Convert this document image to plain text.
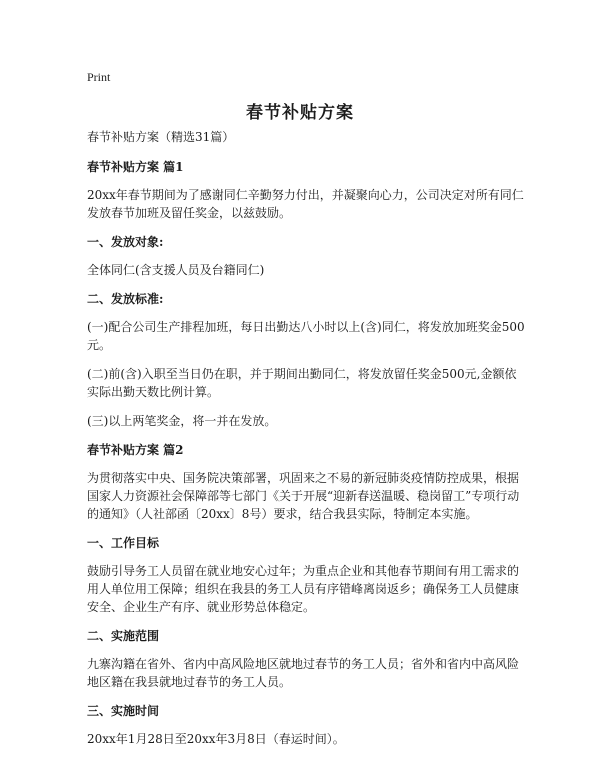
Print
春节补贴方案

春节补贴方案（精选31篇）

春节补贴方案 篇1

20xx年春节期间为了感谢同仁辛勤努力付出，并凝聚向心力，公司决定对所有同仁发放春节加班及留任奖金，以兹鼓励。

一、发放对象:

全体同仁(含支援人员及台籍同仁)

二、发放标准:

(一)配合公司生产排程加班，每日出勤达八小时以上(含)同仁，将发放加班奖金500元。

(二)前(含)入职至当日仍在职，并于期间出勤同仁，将发放留任奖金500元,金额依实际出勤天数比例计算。

(三)以上两笔奖金，将一并在发放。

春节补贴方案 篇2

为贯彻落实中央、国务院决策部署，巩固来之不易的新冠肺炎疫情防控成果，根据国家人力资源社会保障部等七部门《关于开展“迎新春送温暖、稳岗留工”专项行动的通知》（人社部函〔20xx〕8号）要求，结合我县实际，特制定本实施。

一、工作目标

鼓励引导务工人员留在就业地安心过年；为重点企业和其他春节期间有用工需求的用人单位用工保障；组织在我县的务工人员有序错峰离岗返乡；确保务工人员健康安全、企业生产有序、就业形势总体稳定。

二、实施范围

九寨沟籍在省外、省内中高风险地区就地过春节的务工人员；省外和省内中高风险地区籍在我县就地过春节的务工人员。

三、实施时间

20xx年1月28日至20xx年3月8日（春运时间）。
